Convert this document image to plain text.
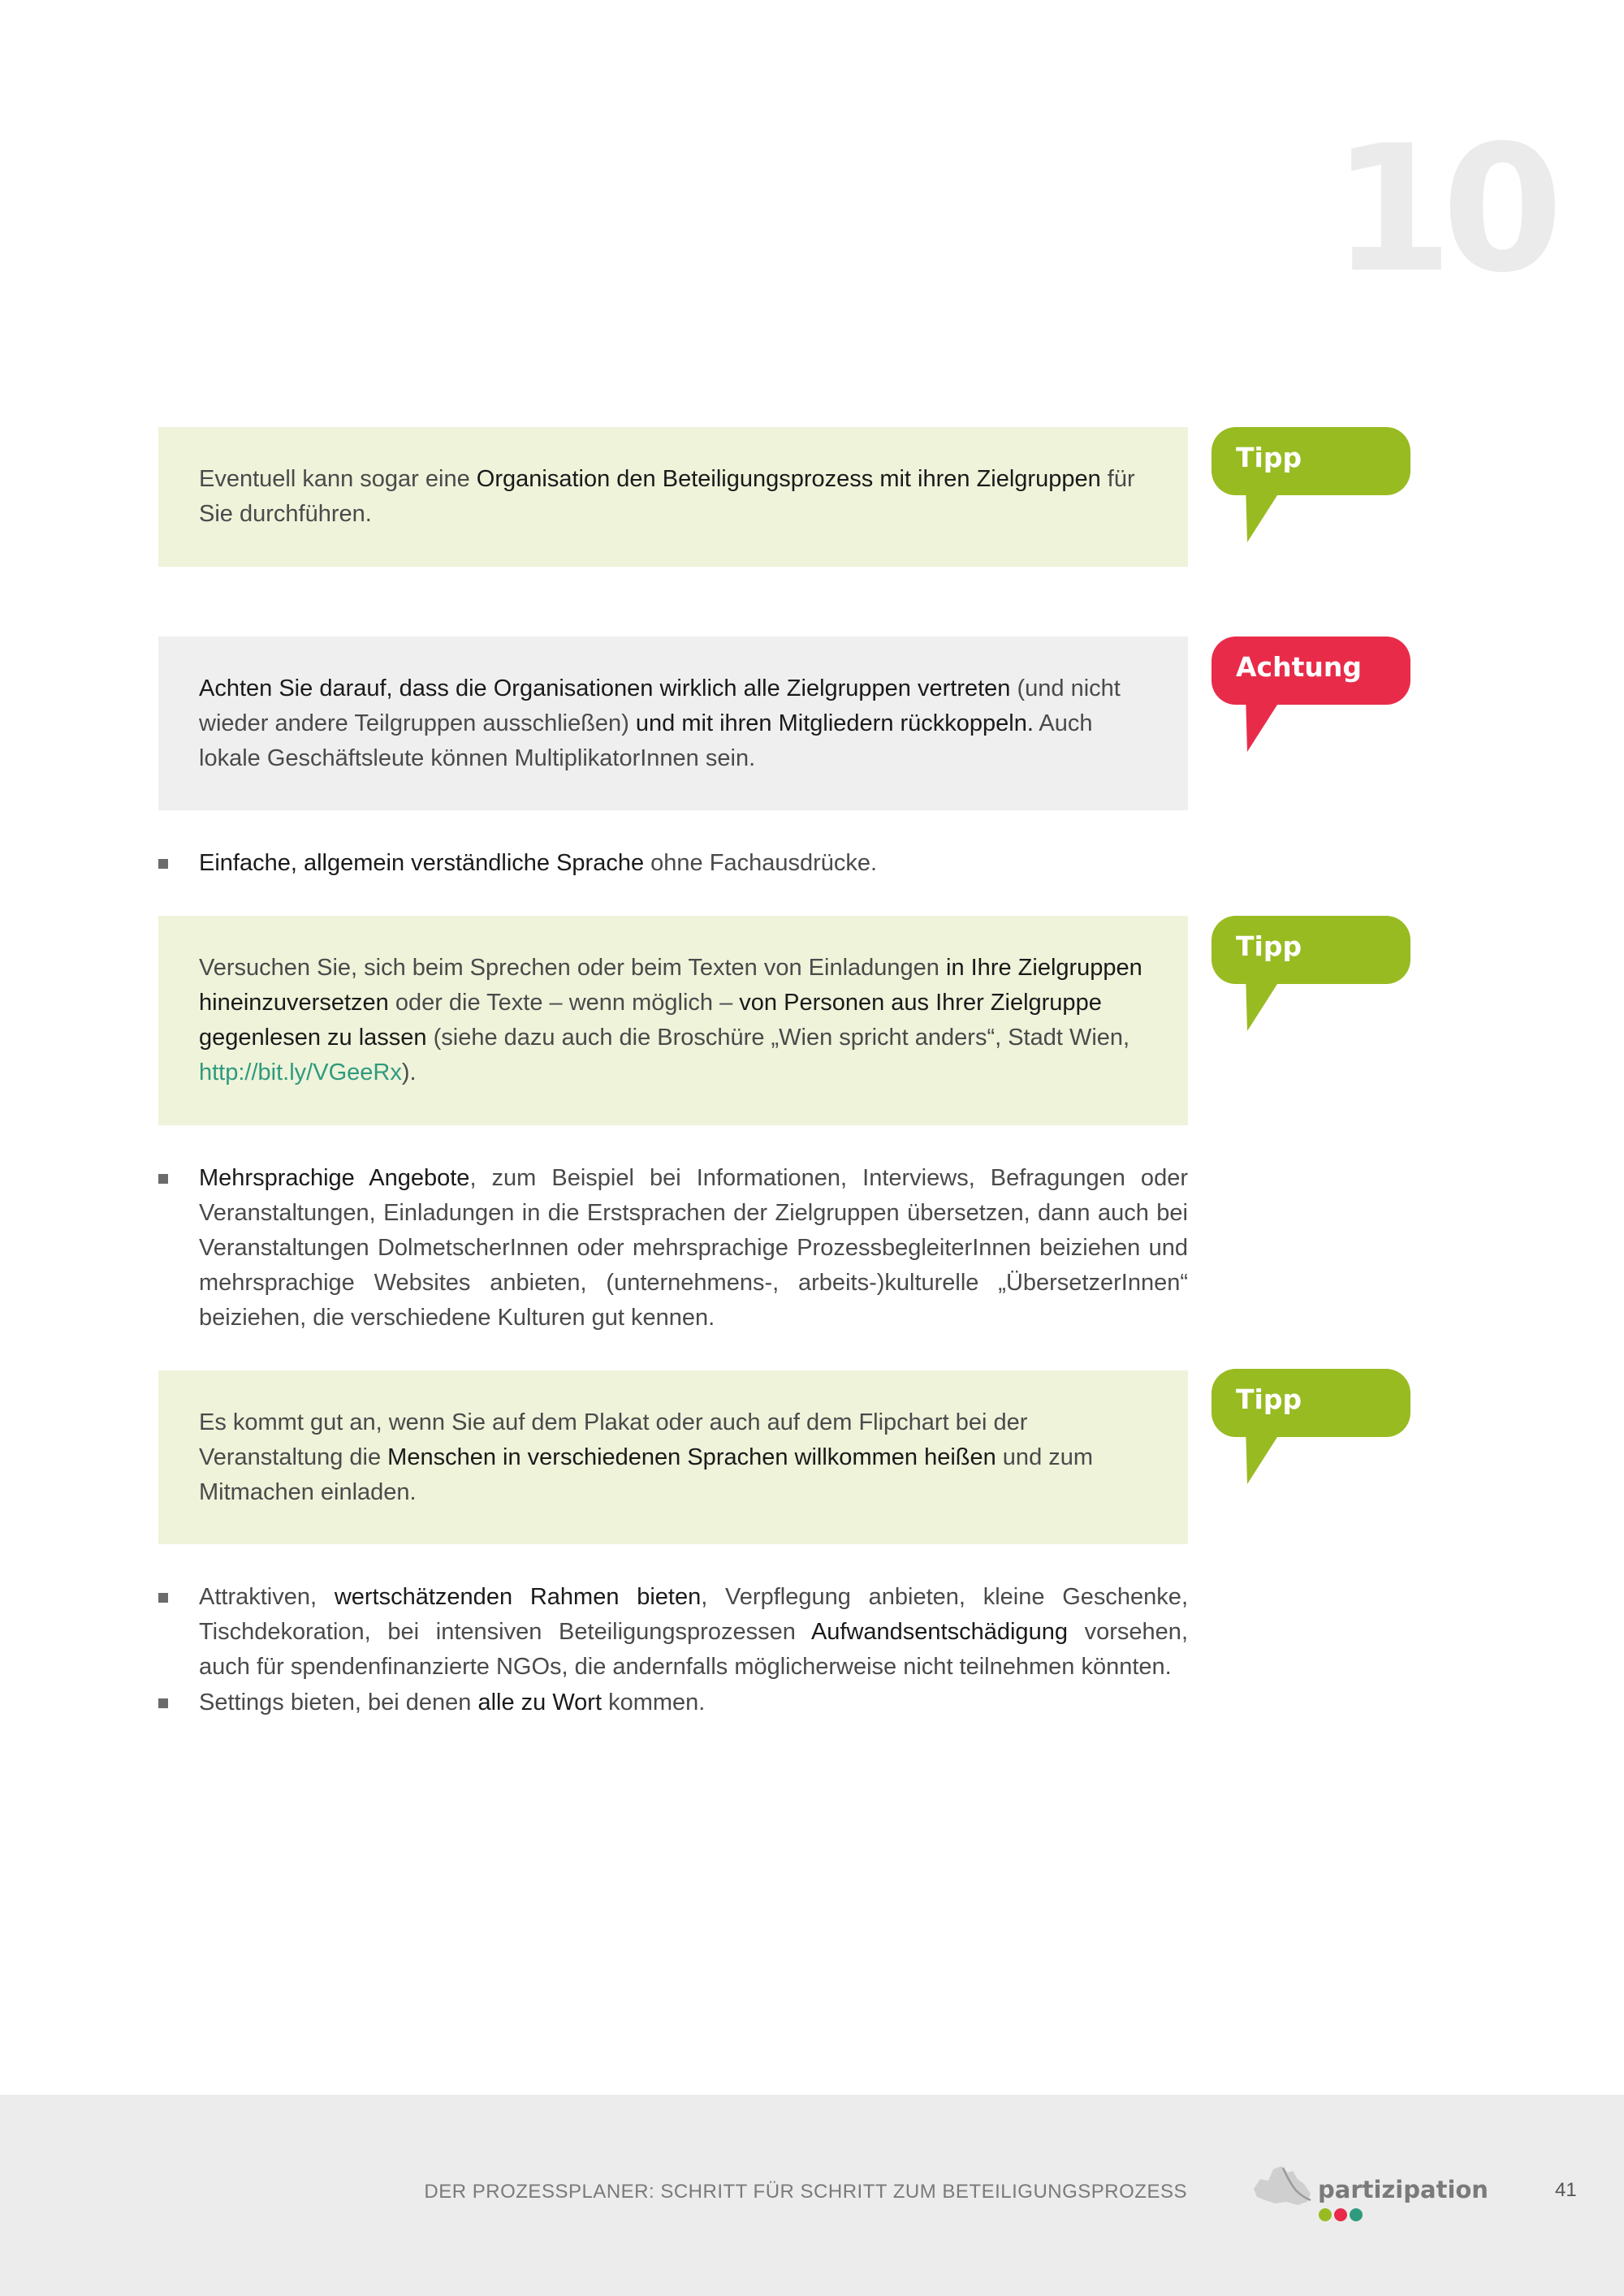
10

Eventuell kann sogar eine Organisation den Beteiligungsprozess mit ihren Zielgruppen für Sie durchführen.

Tipp

Achten Sie darauf, dass die Organisationen wirklich alle Zielgruppen vertreten (und nicht wieder andere Teilgruppen ausschließen) und mit ihren Mitgliedern rückkoppeln. Auch lokale Geschäftsleute können MultiplikatorInnen sein.

Achtung
Einfache, allgemein verständliche Sprache ohne Fachausdrücke.

Versuchen Sie, sich beim Sprechen oder beim Texten von Einladungen in Ihre Zielgruppen hineinzuversetzen oder die Texte – wenn möglich – von Personen aus Ihrer Zielgruppe gegenlesen zu lassen (siehe dazu auch die Broschüre „Wien spricht anders“, Stadt Wien, http://bit.ly/VGeeRx).

Tipp
Mehrsprachige Angebote, zum Beispiel bei Informationen, Interviews, Befragungen oder Veranstaltungen, Einladungen in die Erstsprachen der Zielgruppen übersetzen, dann auch bei Veranstaltungen DolmetscherInnen oder mehrsprachige ProzessbegleiterInnen beiziehen und mehrsprachige Websites anbieten, (unternehmens-, arbeits-)kulturelle „ÜbersetzerInnen“ beiziehen, die verschiedene Kulturen gut kennen.

Es kommt gut an, wenn Sie auf dem Plakat oder auch auf dem Flipchart bei der Veranstaltung die Menschen in verschiedenen Sprachen willkommen heißen und zum Mitmachen einladen.

Tipp
Attraktiven, wertschätzenden Rahmen bieten, Verpflegung anbieten, kleine Geschenke, Tischdekoration, bei intensiven Beteiligungsprozessen Aufwandsentschädigung vorsehen, auch für spendenfinanzierte NGOs, die andernfalls möglicherweise nicht teilnehmen könnten.
Settings bieten, bei denen alle zu Wort kommen.
DER PROZESSPLANER: SCHRITT FÜR SCHRITT ZUM BETEILIGUNGSPROZESS	partizipation	41
